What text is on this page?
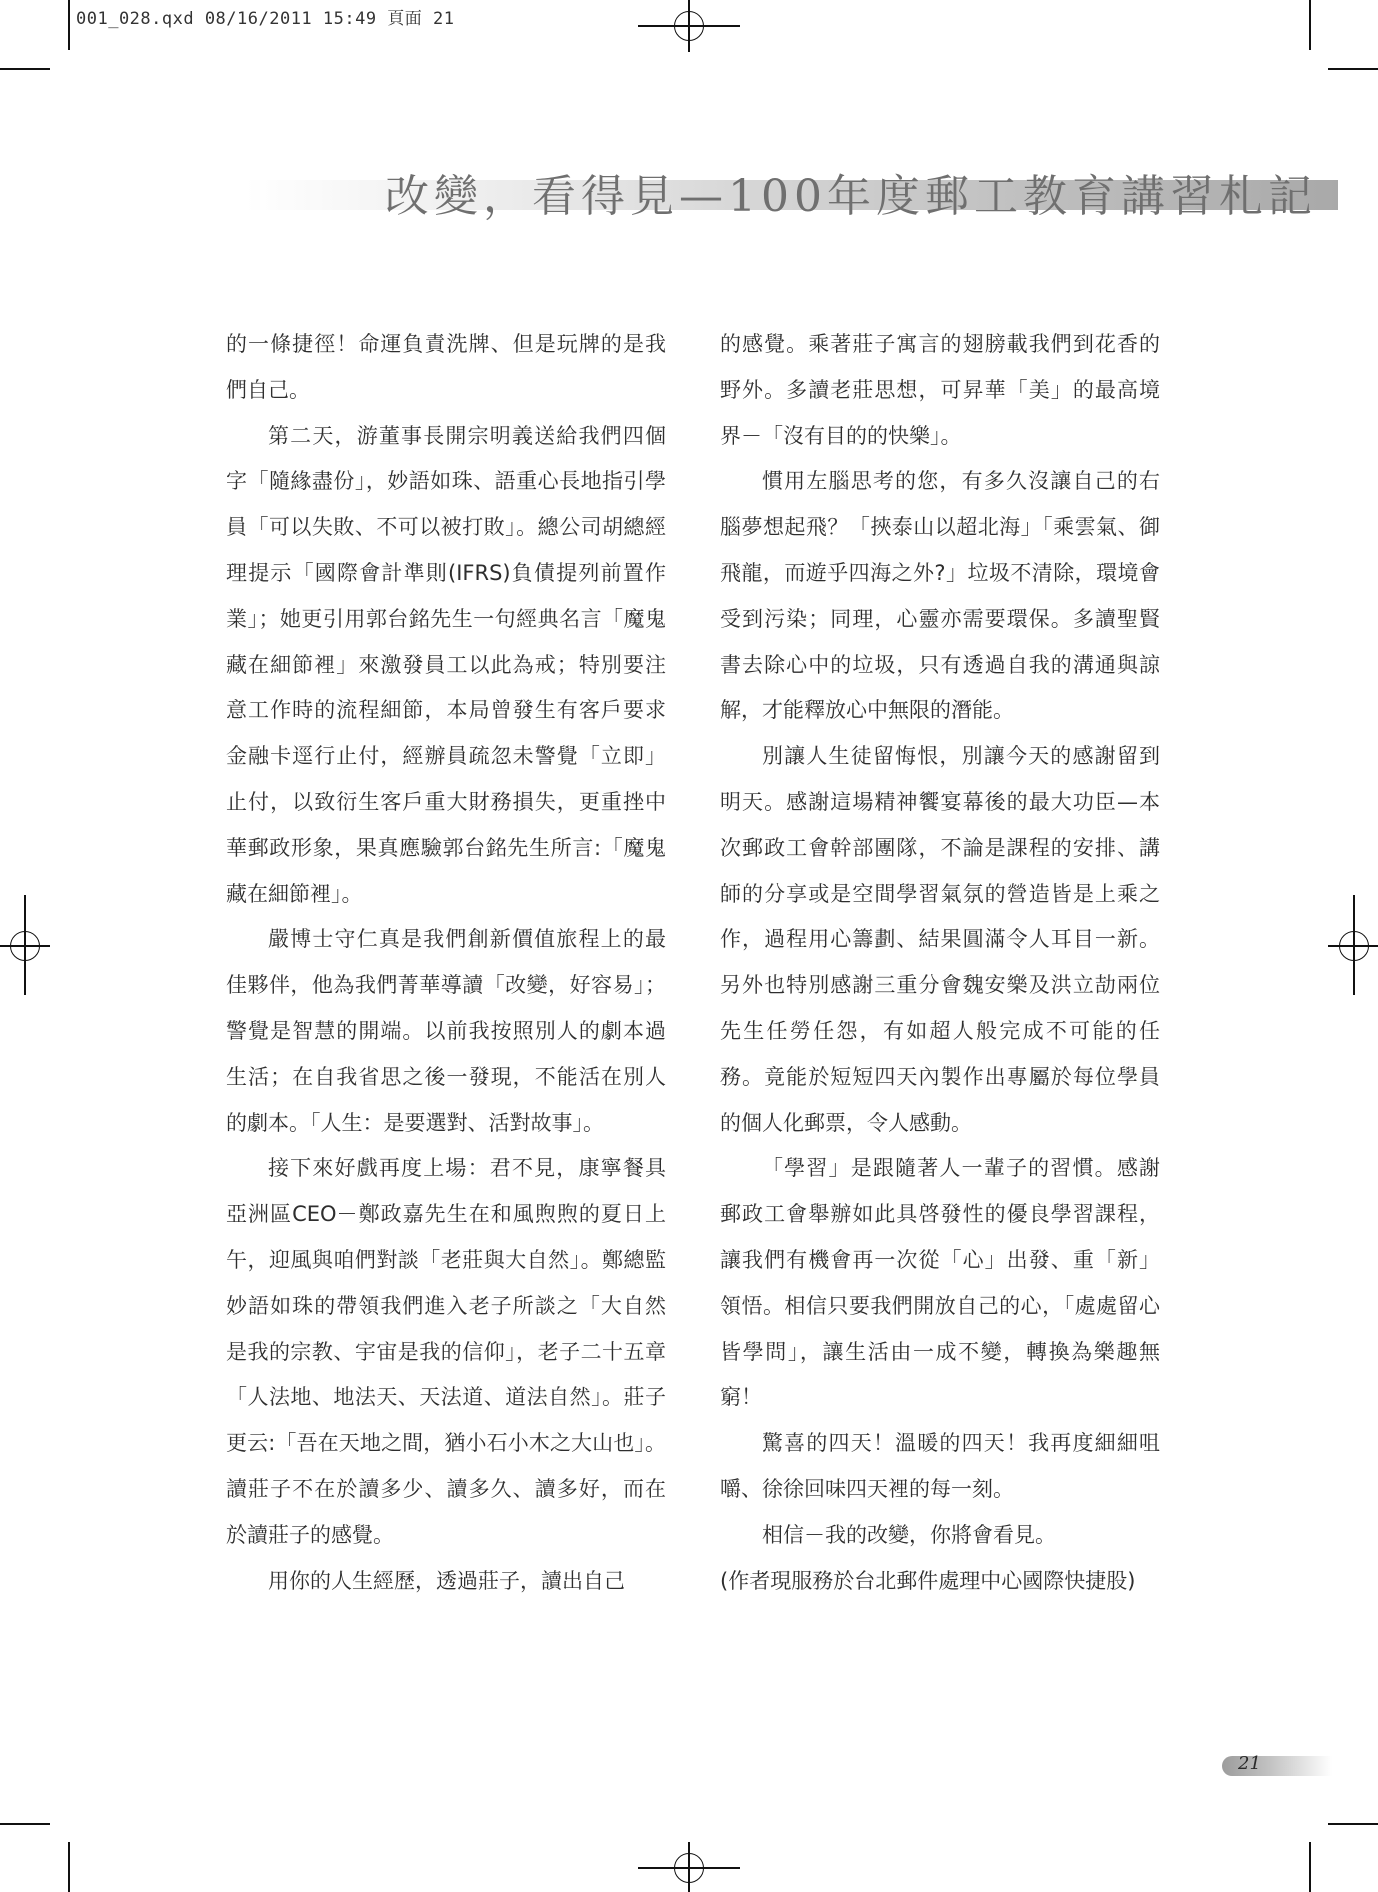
001_028.qxd 08/16/2011 15:49 頁面 21
改變，看得見—100年度郵工教育講習札記

的一條捷徑！命運負責洗牌、但是玩牌的是我們自己。

第二天，游董事長開宗明義送給我們四個字「隨緣盡份」，妙語如珠、語重心長地指引學員「可以失敗、不可以被打敗」。總公司胡總經理提示「國際會計準則(IFRS)負債提列前置作業」；她更引用郭台銘先生一句經典名言「魔鬼藏在細節裡」來激發員工以此為戒；特別要注意工作時的流程細節，本局曾發生有客戶要求金融卡逕行止付，經辦員疏忽未警覺「立即」止付，以致衍生客戶重大財務損失，更重挫中華郵政形象，果真應驗郭台銘先生所言:「魔鬼藏在細節裡」。

嚴博士守仁真是我們創新價值旅程上的最佳夥伴，他為我們菁華導讀「改變，好容易」；警覺是智慧的開端。以前我按照別人的劇本過生活；在自我省思之後一發現，不能活在別人的劇本。「人生：是要選對、活對故事」。

接下來好戲再度上場：君不見，康寧餐具亞洲區CEO－鄭政嘉先生在和風煦煦的夏日上午，迎風與咱們對談「老莊與大自然」。鄭總監妙語如珠的帶領我們進入老子所談之「大自然是我的宗教、宇宙是我的信仰」，老子二十五章「人法地、地法天、天法道、道法自然」。莊子更云:「吾在天地之間，猶小石小木之大山也」。讀莊子不在於讀多少、讀多久、讀多好，而在於讀莊子的感覺。

用你的人生經歷，透過莊子，讀出自己

的感覺。乘著莊子寓言的翅膀載我們到花香的野外。多讀老莊思想，可昇華「美」的最高境界－「沒有目的的快樂」。

慣用左腦思考的您，有多久沒讓自己的右腦夢想起飛？「挾泰山以超北海」「乘雲氣、御飛龍，而遊乎四海之外?」垃圾不清除，環境會受到污染；同理，心靈亦需要環保。多讀聖賢書去除心中的垃圾，只有透過自我的溝通與諒解，才能釋放心中無限的潛能。

別讓人生徒留悔恨，別讓今天的感謝留到明天。感謝這場精神饗宴幕後的最大功臣—本次郵政工會幹部團隊，不論是課程的安排、講師的分享或是空間學習氣氛的營造皆是上乘之作，過程用心籌劃、結果圓滿令人耳目一新。另外也特別感謝三重分會魏安樂及洪立劼兩位先生任勞任怨，有如超人般完成不可能的任務。竟能於短短四天內製作出專屬於每位學員的個人化郵票，令人感動。

「學習」是跟隨著人一輩子的習慣。感謝郵政工會舉辦如此具啓發性的優良學習課程，讓我們有機會再一次從「心」出發、重「新」領悟。相信只要我們開放自己的心，「處處留心皆學問」，讓生活由一成不變，轉換為樂趣無窮！

驚喜的四天！溫暖的四天！我再度細細咀嚼、徐徐回味四天裡的每一刻。

相信－我的改變，你將會看見。

(作者現服務於台北郵件處理中心國際快捷股)

21
